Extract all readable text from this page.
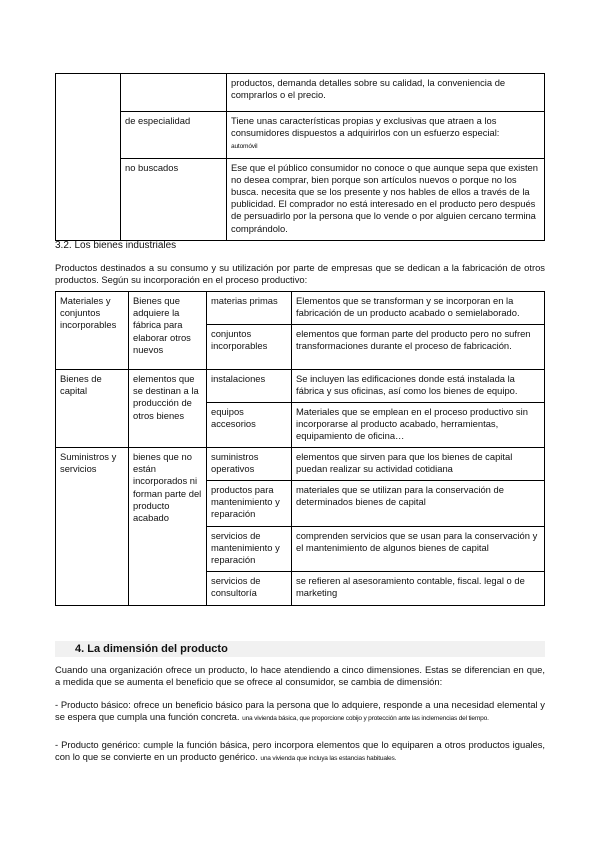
		productos, demanda detalles sobre su calidad, la conveniencia de comprarlos o el precio.
	de especialidad	Tiene unas características propias y exclusivas que atraen a los consumidores dispuestos a adquirirlos con un esfuerzo especial:
automóvil
	no buscados	Ese que el público consumidor no conoce o que aunque sepa que existen no desea comprar, bien porque son artículos nuevos o porque no los busca. necesita que se los presente y nos hables de ellos a través de la publicidad. El comprador no está interesado en el producto pero después de persuadirlo por la persona que lo vende o por alguien cercano termina comprándolo.

3.2. Los bienes industriales

Productos destinados a su consumo y su utilización por parte de empresas que se dedican a la fabricación de otros productos. Según su incorporación en el proceso productivo:

Materiales y conjuntos incorporables	Bienes que adquiere la fábrica para elaborar otros nuevos	materias primas	Elementos que se transforman y se incorporan en la fabricación de un producto acabado o semielaborado.
		conjuntos incorporables	elementos que forman parte del producto pero no sufren transformaciones durante el proceso de fabricación.
Bienes de capital	elementos que se destinan a la producción de otros bienes	instalaciones	Se incluyen las edificaciones donde está instalada la fábrica y sus oficinas, así como los bienes de equipo.
		equipos accesorios	Materiales que se emplean en el proceso productivo sin incorporarse al producto acabado, herramientas, equipamiento de oficina…
Suministros y servicios	bienes que no están incorporados ni forman parte del producto acabado	suministros operativos	elementos que sirven para que los bienes de capital puedan realizar su actividad cotidiana
		productos para mantenimiento y reparación	materiales que se utilizan para la conservación de determinados bienes de capital
		servicios de mantenimiento y reparación	comprenden servicios que se usan para la conservación y el mantenimiento de algunos bienes de capital
		servicios de consultoría	se refieren al asesoramiento contable, fiscal. legal o de marketing

4. La dimensión del producto

Cuando una organización ofrece un producto, lo hace atendiendo a cinco dimensiones. Estas se diferencian en que, a medida que se aumenta el beneficio que se ofrece al consumidor, se cambia de dimensión:

- Producto básico: ofrece un beneficio básico para la persona que lo adquiere, responde a una necesidad elemental y se espera que cumpla una función concreta. una vivienda básica, que proporcione cobijo y protección ante las inclemencias del tiempo.

- Producto genérico: cumple la función básica, pero incorpora elementos que lo equiparen a otros productos iguales, con lo que se convierte en un producto genérico. una vivienda que incluya las estancias habituales.
